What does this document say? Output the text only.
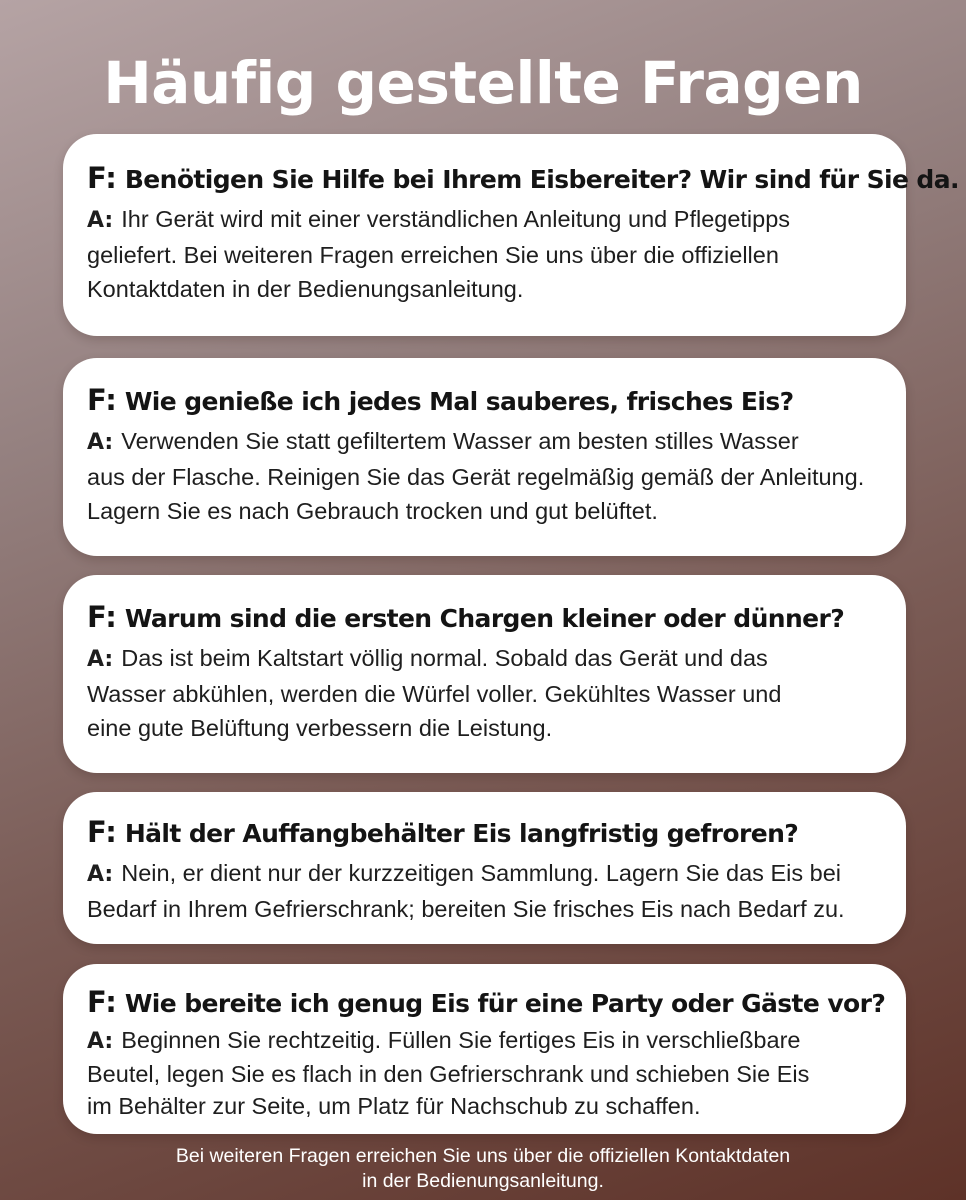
Häufig gestellte Fragen
F: Benötigen Sie Hilfe bei Ihrem Eisbereiter? Wir sind für Sie da.
A: Ihr Gerät wird mit einer verständlichen Anleitung und Pflegetipps
geliefert. Bei weiteren Fragen erreichen Sie uns über die offiziellen
Kontaktdaten in der Bedienungsanleitung.
F: Wie genieße ich jedes Mal sauberes, frisches Eis?
A: Verwenden Sie statt gefiltertem Wasser am besten stilles Wasser
aus der Flasche. Reinigen Sie das Gerät regelmäßig gemäß der Anleitung.
Lagern Sie es nach Gebrauch trocken und gut belüftet.
F: Warum sind die ersten Chargen kleiner oder dünner?
A: Das ist beim Kaltstart völlig normal. Sobald das Gerät und das
Wasser abkühlen, werden die Würfel voller. Gekühltes Wasser und
eine gute Belüftung verbessern die Leistung.
F: Hält der Auffangbehälter Eis langfristig gefroren?
A: Nein, er dient nur der kurzzeitigen Sammlung. Lagern Sie das Eis bei
Bedarf in Ihrem Gefrierschrank; bereiten Sie frisches Eis nach Bedarf zu.
F: Wie bereite ich genug Eis für eine Party oder Gäste vor?
A: Beginnen Sie rechtzeitig. Füllen Sie fertiges Eis in verschließbare
Beutel, legen Sie es flach in den Gefrierschrank und schieben Sie Eis
im Behälter zur Seite, um Platz für Nachschub zu schaffen.
Bei weiteren Fragen erreichen Sie uns über die offiziellen Kontaktdaten
in der Bedienungsanleitung.
